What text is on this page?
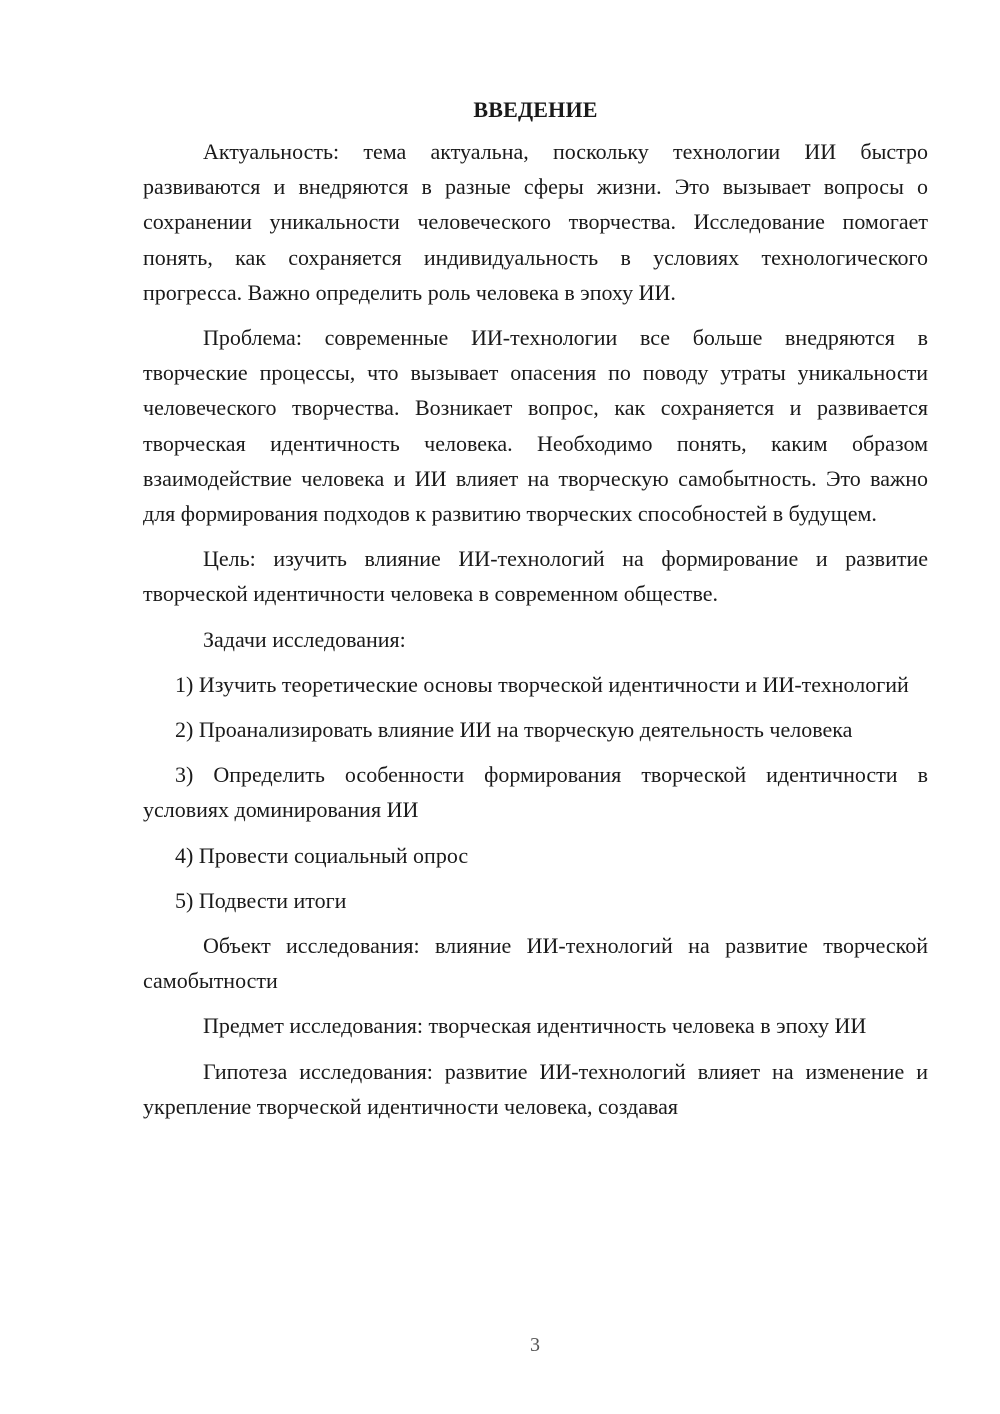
ВВЕДЕНИЕ

Актуальность: тема актуальна, поскольку технологии ИИ быстро развиваются и внедряются в разные сферы жизни. Это вызывает вопросы о сохранении уникальности человеческого творчества. Исследование помогает понять, как сохраняется индивидуальность в условиях технологического прогресса. Важно определить роль человека в эпоху ИИ.

Проблема: современные ИИ-технологии все больше внедряются в творческие процессы, что вызывает опасения по поводу утраты уникальности человеческого творчества. Возникает вопрос, как сохраняется и развивается творческая идентичность человека. Необходимо понять, каким образом взаимодействие человека и ИИ влияет на творческую самобытность. Это важно для формирования подходов к развитию творческих способностей в будущем.

Цель: изучить влияние ИИ-технологий на формирование и развитие творческой идентичности человека в современном обществе.

Задачи исследования:

1) Изучить теоретические основы творческой идентичности и ИИ-технологий

2) Проанализировать влияние ИИ на творческую деятельность человека

3) Определить особенности формирования творческой идентичности в условиях доминирования ИИ

4) Провести социальный опрос

5) Подвести итоги

Объект исследования: влияние ИИ-технологий на развитие творческой самобытности

Предмет исследования: творческая идентичность человека в эпоху ИИ

Гипотеза исследования: развитие ИИ-технологий влияет на изменение и укрепление творческой идентичности человека, создавая

3
